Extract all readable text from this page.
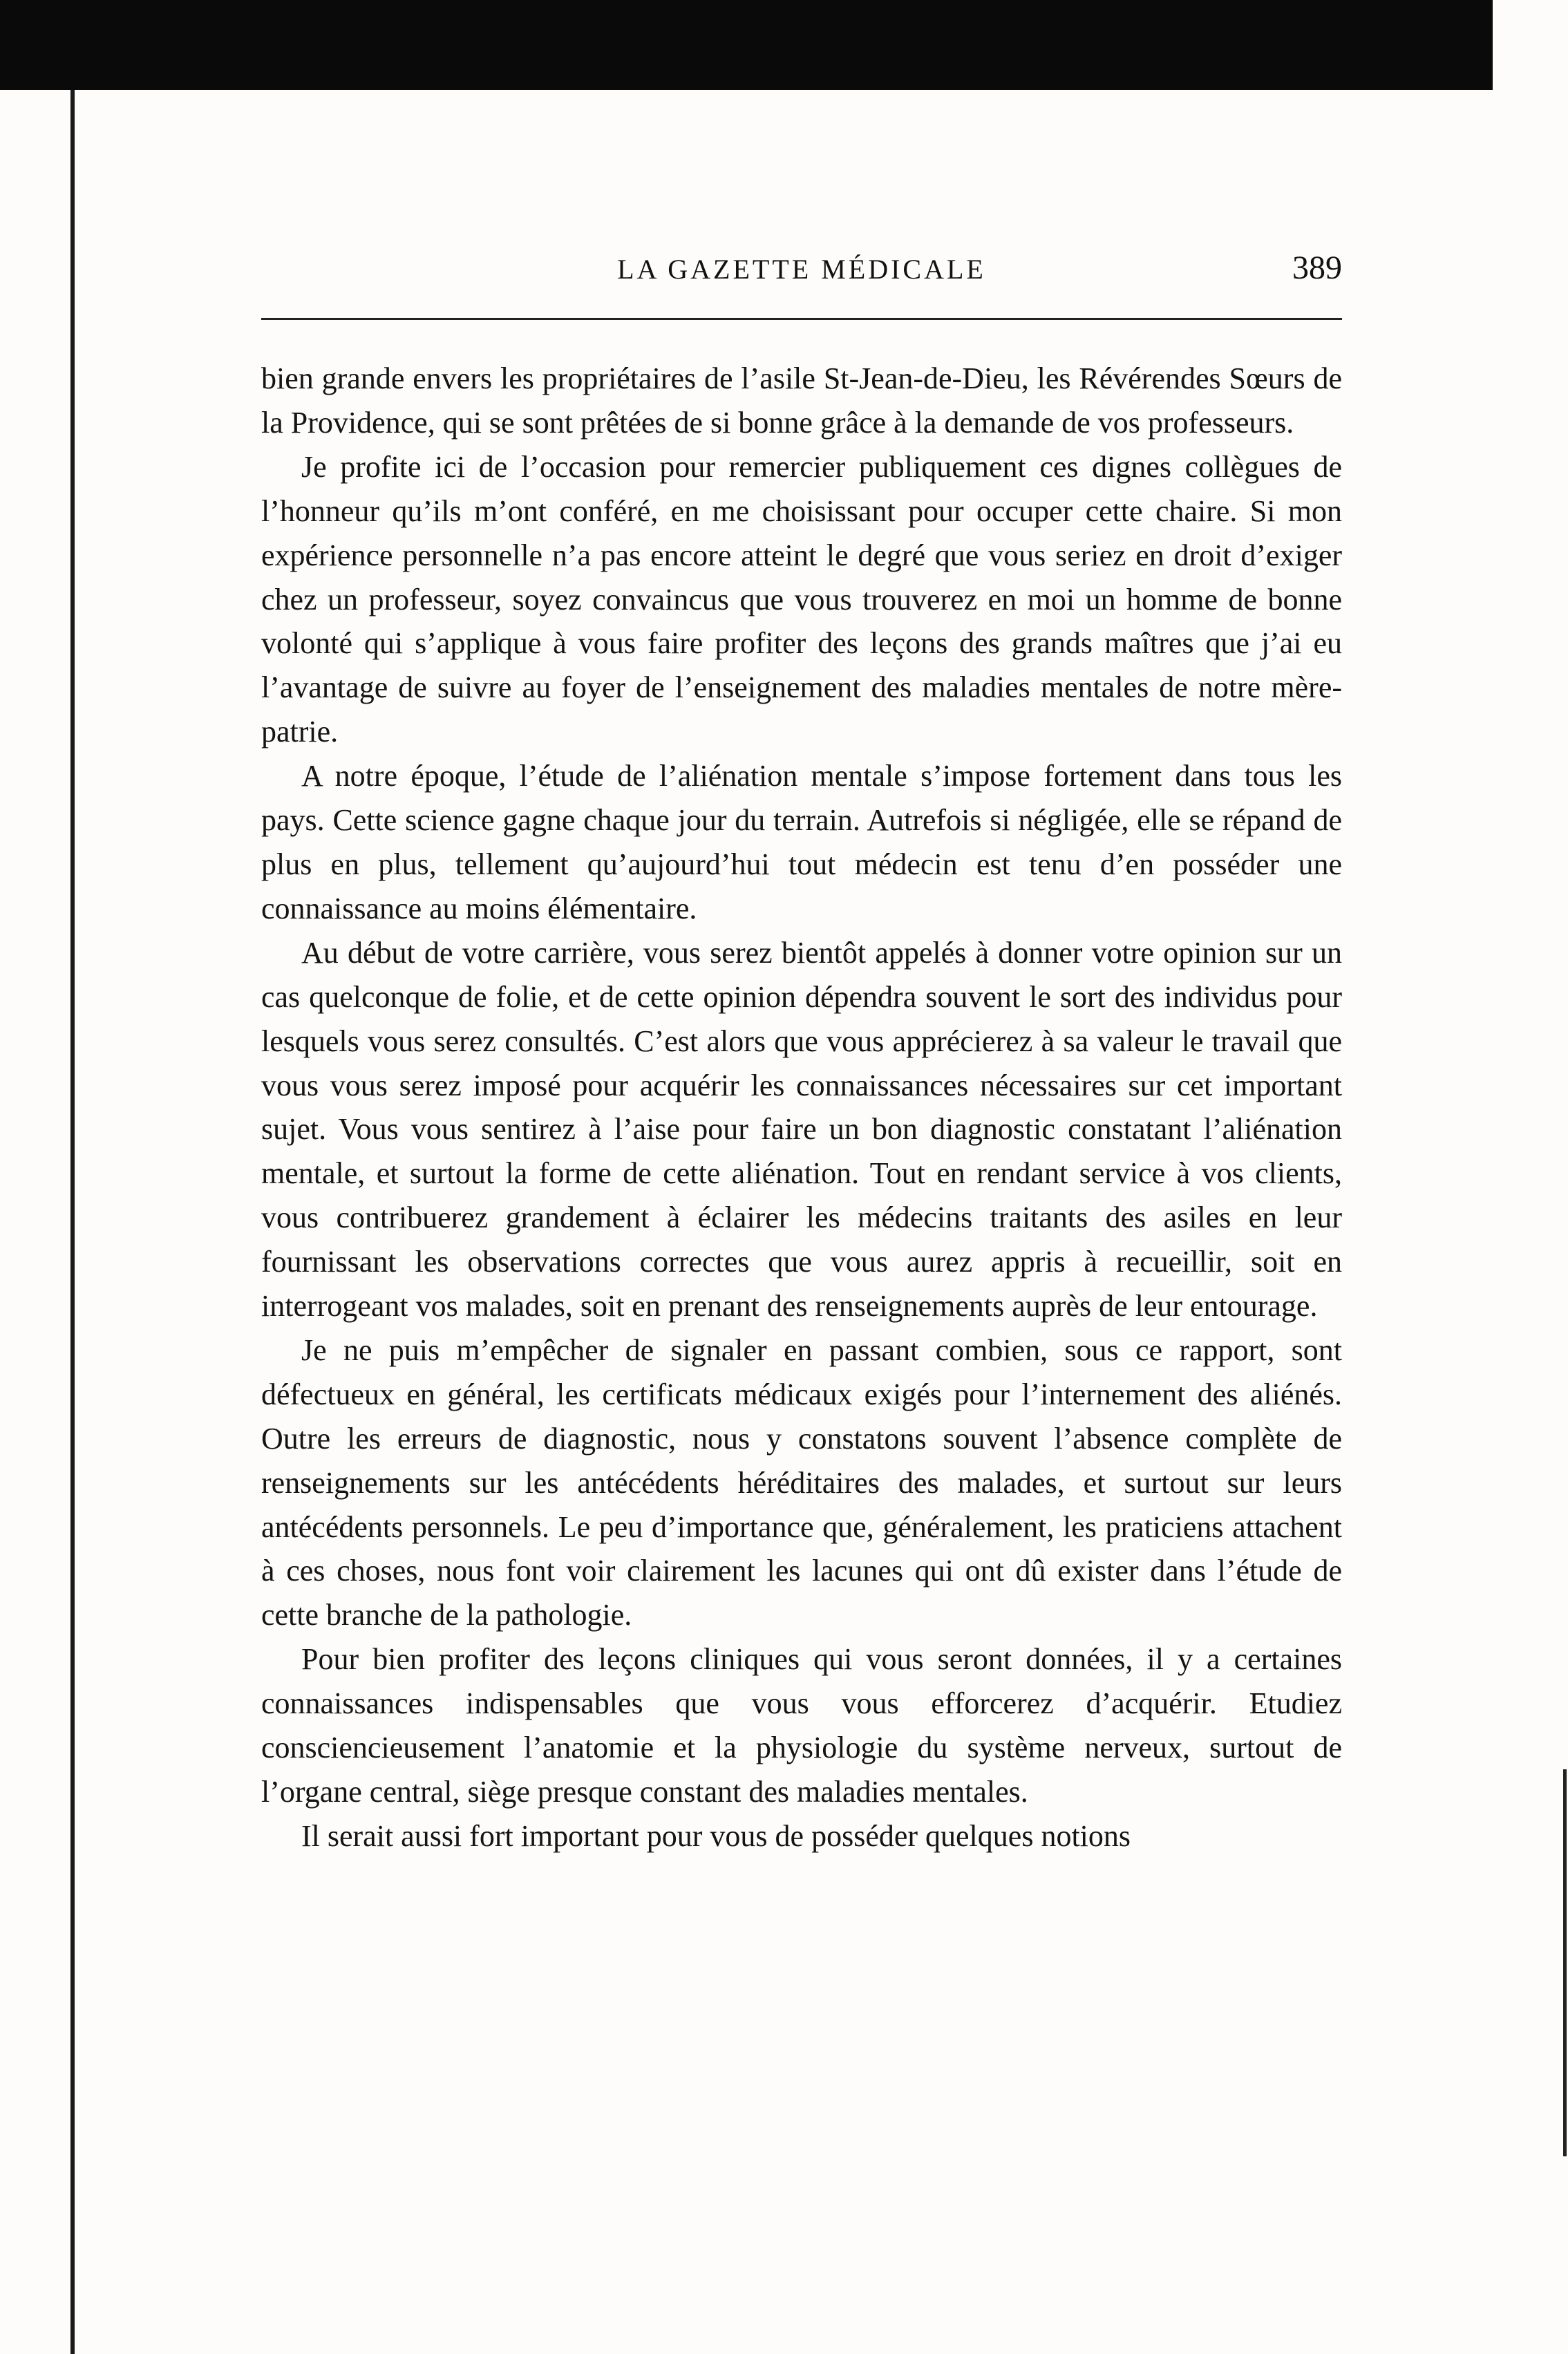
LA GAZETTE MÉDICALE	389

bien grande envers les propriétaires de l’asile St-Jean-de-Dieu, les Révérendes Sœurs de la Providence, qui se sont prêtées de si bonne grâce à la demande de vos professeurs.

Je profite ici de l’occasion pour remercier publiquement ces dignes collègues de l’honneur qu’ils m’ont conféré, en me choisissant pour occuper cette chaire. Si mon expérience personnelle n’a pas encore atteint le degré que vous seriez en droit d’exiger chez un professeur, soyez convaincus que vous trouverez en moi un homme de bonne volonté qui s’applique à vous faire profiter des leçons des grands maîtres que j’ai eu l’avantage de suivre au foyer de l’enseignement des maladies mentales de notre mère-patrie.

A notre époque, l’étude de l’aliénation mentale s’impose fortement dans tous les pays. Cette science gagne chaque jour du terrain. Autrefois si négligée, elle se répand de plus en plus, tellement qu’aujourd’hui tout médecin est tenu d’en posséder une connaissance au moins élémentaire.

Au début de votre carrière, vous serez bientôt appelés à donner votre opinion sur un cas quelconque de folie, et de cette opinion dépendra souvent le sort des individus pour lesquels vous serez consultés. C’est alors que vous apprécierez à sa valeur le travail que vous vous serez imposé pour acquérir les connaissances nécessaires sur cet important sujet. Vous vous sentirez à l’aise pour faire un bon diagnostic constatant l’aliénation mentale, et surtout la forme de cette aliénation. Tout en rendant service à vos clients, vous contribuerez grandement à éclairer les médecins traitants des asiles en leur fournissant les observations correctes que vous aurez appris à recueillir, soit en interrogeant vos malades, soit en prenant des renseignements auprès de leur entourage.

Je ne puis m’empêcher de signaler en passant combien, sous ce rapport, sont défectueux en général, les certificats médicaux exigés pour l’internement des aliénés. Outre les erreurs de diagnostic, nous y constatons souvent l’absence complète de renseignements sur les antécédents héréditaires des malades, et surtout sur leurs antécédents personnels. Le peu d’importance que, généralement, les praticiens attachent à ces choses, nous font voir clairement les lacunes qui ont dû exister dans l’étude de cette branche de la pathologie.

Pour bien profiter des leçons cliniques qui vous seront données, il y a certaines connaissances indispensables que vous vous efforcerez d’acquérir. Etudiez consciencieusement l’anatomie et la physiologie du système nerveux, surtout de l’organe central, siège presque constant des maladies mentales.

Il serait aussi fort important pour vous de posséder quelques notions
